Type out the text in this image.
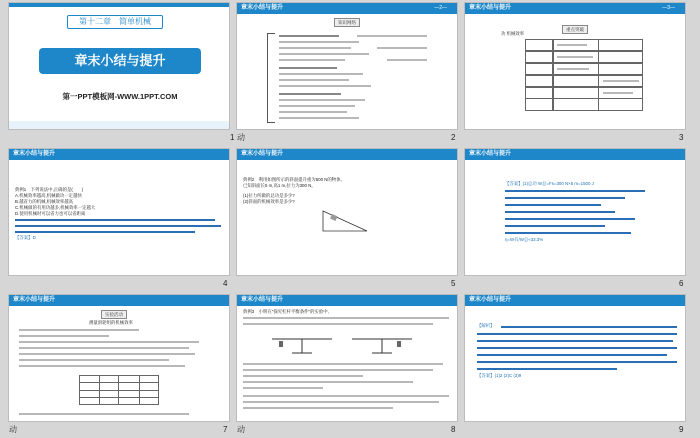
第十二章　简单机械
章末小结与提升
第一PPT模板网-WWW.1PPT.COM
1
章末小结与提升	—2—
知识网络
动	2
章末小结与提升	—3—
重点突破
功 机械效率
3
章末小结与提升
典例1　下列说法中,正确的是(　　)
A.机械效率越高,机械做功一定越快
B.越省力的机械,机械效率越高
C.机械做的有用功越多,机械效率一定越大
D.使用机械时可以省力也可以省距离
【答案】D
4
章末小结与提升
典例2　利用如图所示的斜面提升重为500 N的物体,
已知斜面长5 m,高1 m,拉力为300 N。
(1)拉力所做的总功是多少?
(2)斜面的机械效率是多少?
5
章末小结与提升
【答案】(1)总功 W总=Fs=300 N×5 m=1500 J
η=W有/W总≈33.3%
6
章末小结与提升
实验活动
测量滑轮组的机械效率
动	7
章末小结与提升
典例3　小明在"探究杠杆平衡条件"的实验中,
动	8
章末小结与提升
【解析】
【答案】(1)2 (2)C (3)9
9
